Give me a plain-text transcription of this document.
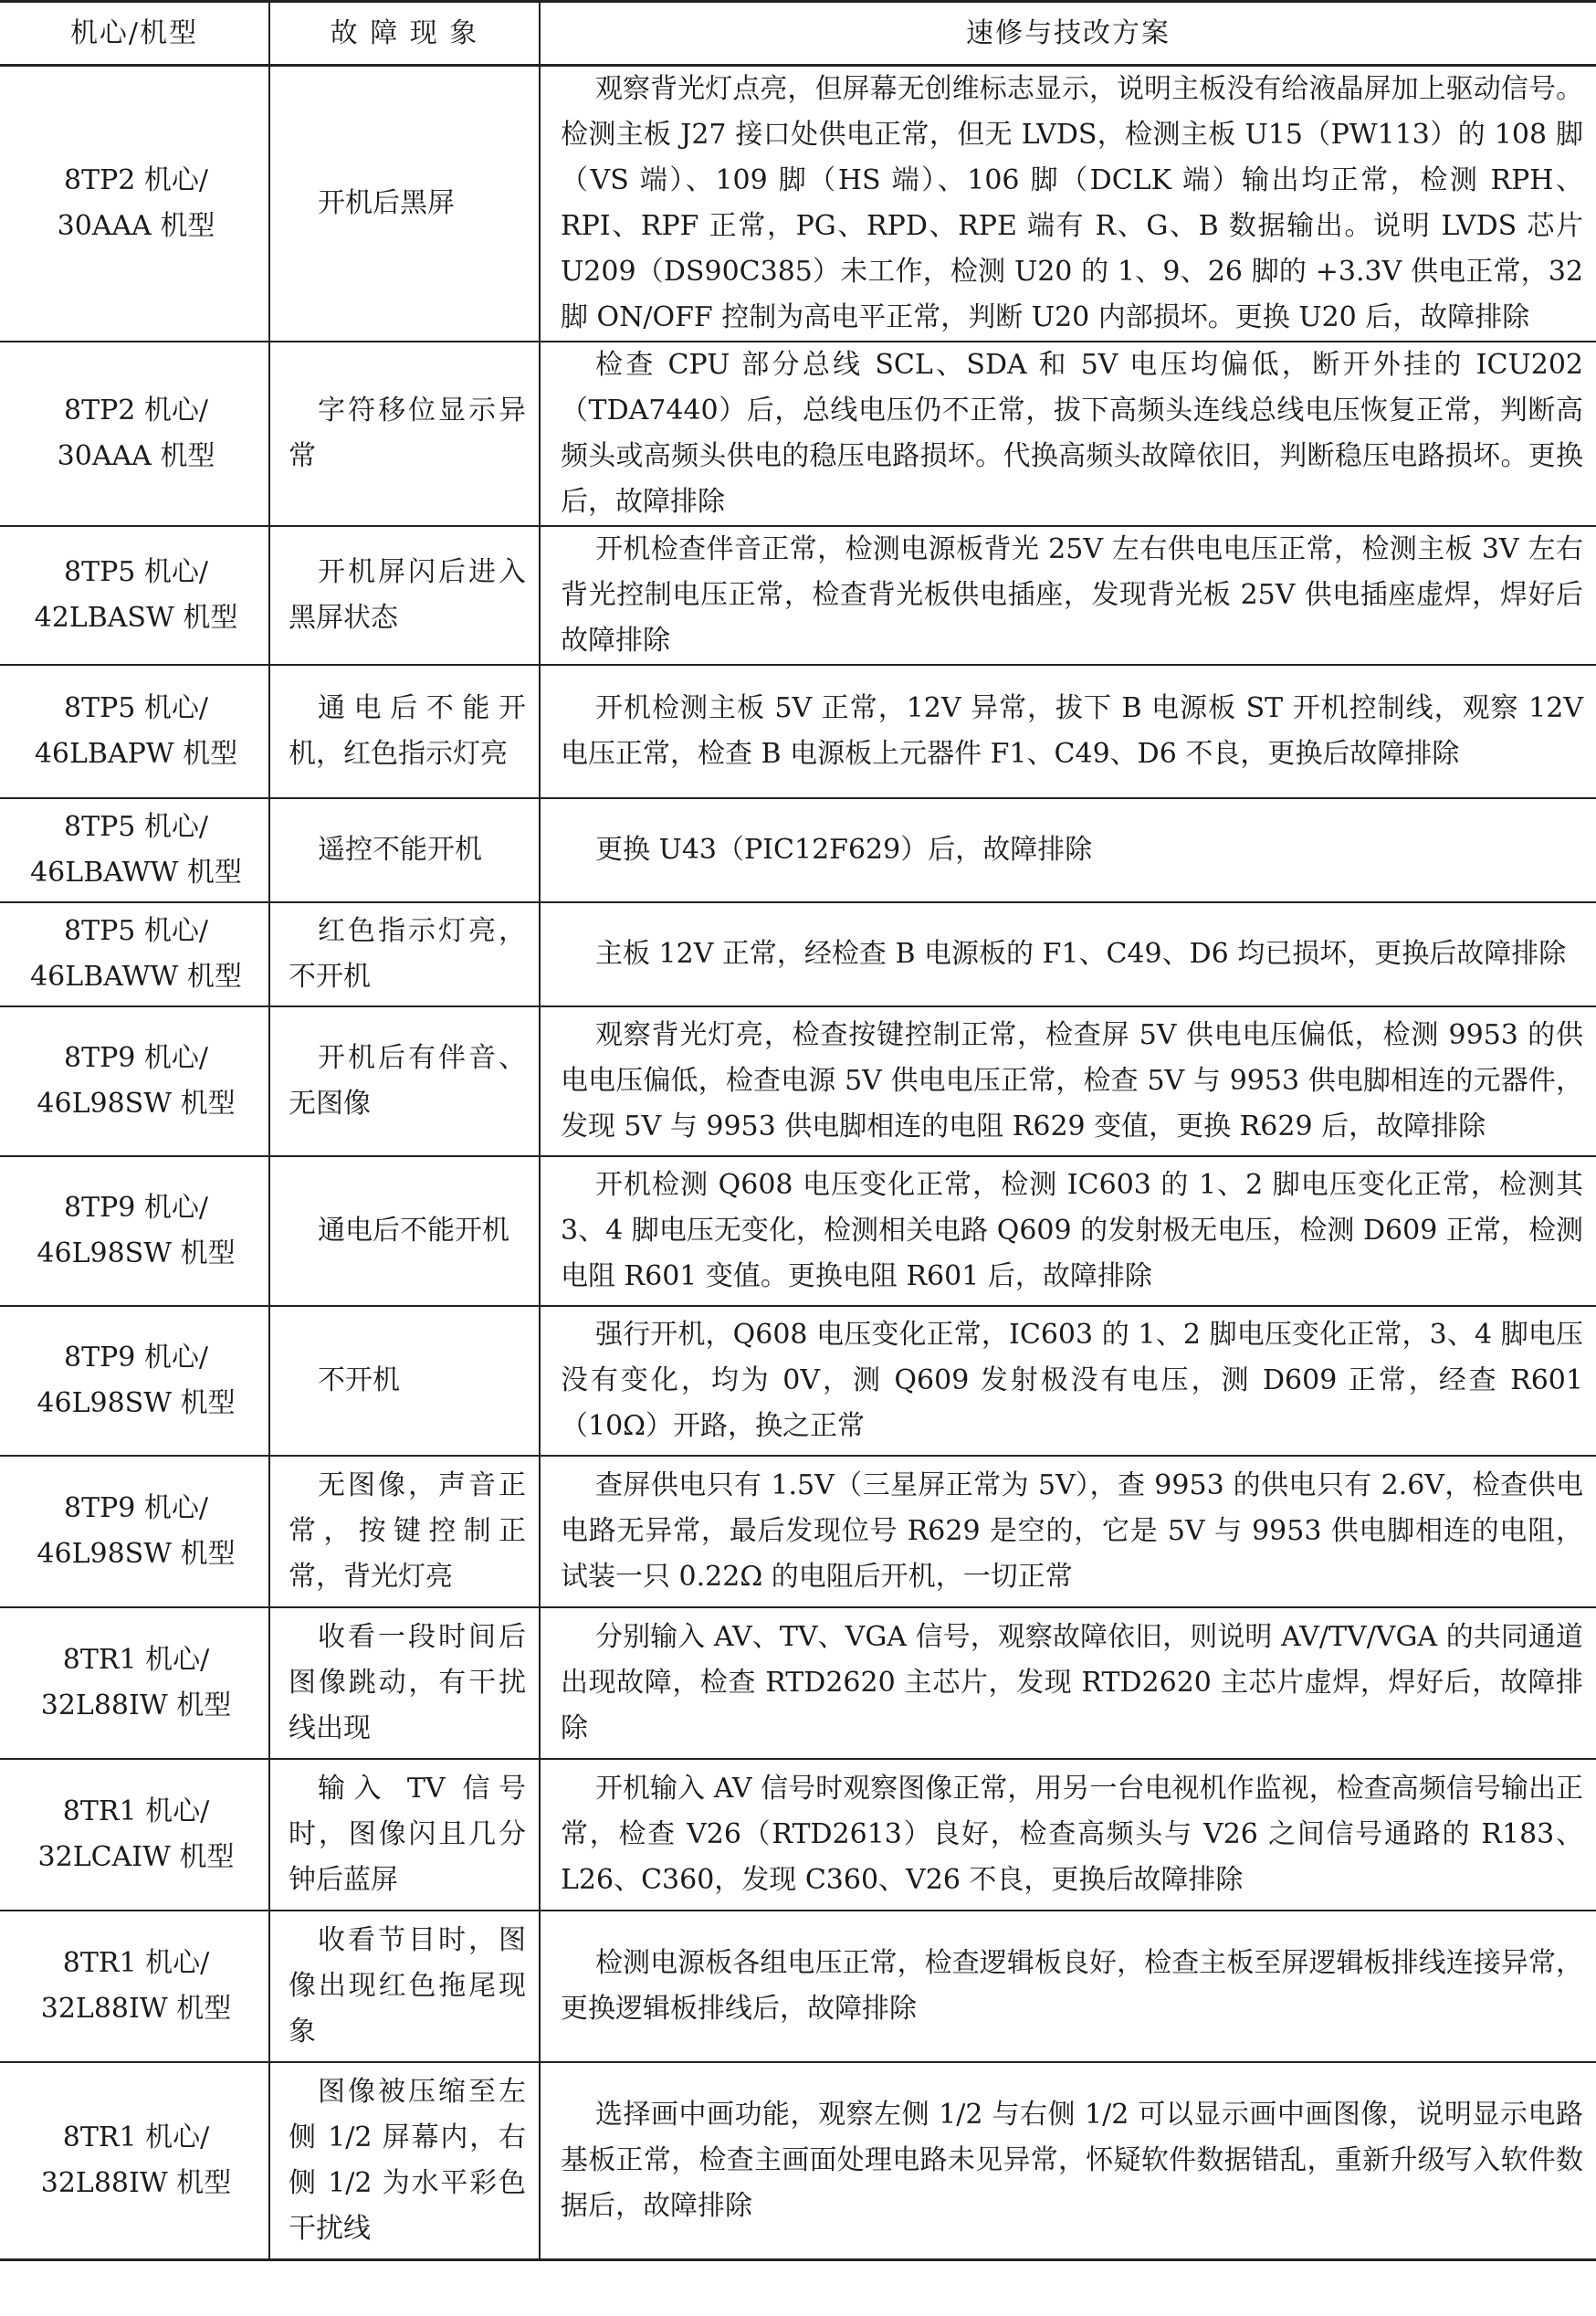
机心/机型	故 障 现 象	速修与技改方案

8TP2 机心/
30AAA 机型	开机后黑屏	观察背光灯点亮，但屏幕无创维标志显示，说明主板没有给液晶屏加上驱动信号。检测主板 J27 接口处供电正常，但无 LVDS，检测主板 U15（PW113）的 108 脚（VS 端）、109 脚（HS 端）、106 脚（DCLK 端）输出均正常，检测 RPH、RPI、RPF 正常，PG、RPD、RPE 端有 R、G、B 数据输出。说明 LVDS 芯片 U209（DS90C385）未工作，检测 U20 的 1、9、26 脚的 +3.3V 供电正常，32 脚 ON/OFF 控制为高电平正常，判断 U20 内部损坏。更换 U20 后，故障排除

8TP2 机心/
30AAA 机型	字符移位显示异常	检查 CPU 部分总线 SCL、SDA 和 5V 电压均偏低，断开外挂的 ICU202（TDA7440）后，总线电压仍不正常，拔下高频头连线总线电压恢复正常，判断高频头或高频头供电的稳压电路损坏。代换高频头故障依旧，判断稳压电路损坏。更换后，故障排除

8TP5 机心/
42LBASW 机型	开机屏闪后进入黑屏状态	开机检查伴音正常，检测电源板背光 25V 左右供电电压正常，检测主板 3V 左右背光控制电压正常，检查背光板供电插座，发现背光板 25V 供电插座虚焊，焊好后故障排除

8TP5 机心/
46LBAPW 机型	通电后不能开机，红色指示灯亮	开机检测主板 5V 正常，12V 异常，拔下 B 电源板 ST 开机控制线，观察 12V 电压正常，检查 B 电源板上元器件 F1、C49、D6 不良，更换后故障排除

8TP5 机心/
46LBAWW 机型	遥控不能开机	更换 U43（PIC12F629）后，故障排除

8TP5 机心/
46LBAWW 机型	红色指示灯亮，不开机	主板 12V 正常，经检查 B 电源板的 F1、C49、D6 均已损坏，更换后故障排除

8TP9 机心/
46L98SW 机型	开机后有伴音、无图像	观察背光灯亮，检查按键控制正常，检查屏 5V 供电电压偏低，检测 9953 的供电电压偏低，检查电源 5V 供电电压正常，检查 5V 与 9953 供电脚相连的元器件，发现 5V 与 9953 供电脚相连的电阻 R629 变值，更换 R629 后，故障排除

8TP9 机心/
46L98SW 机型	通电后不能开机	开机检测 Q608 电压变化正常，检测 IC603 的 1、2 脚电压变化正常，检测其 3、4 脚电压无变化，检测相关电路 Q609 的发射极无电压，检测 D609 正常，检测电阻 R601 变值。更换电阻 R601 后，故障排除

8TP9 机心/
46L98SW 机型	不开机	强行开机，Q608 电压变化正常，IC603 的 1、2 脚电压变化正常，3、4 脚电压没有变化，均为 0V，测 Q609 发射极没有电压，测 D609 正常，经查 R601（10Ω）开路，换之正常

8TP9 机心/
46L98SW 机型	无图像，声音正常，按键控制正常，背光灯亮	查屏供电只有 1.5V（三星屏正常为 5V），查 9953 的供电只有 2.6V，检查供电电路无异常，最后发现位号 R629 是空的，它是 5V 与 9953 供电脚相连的电阻，试装一只 0.22Ω 的电阻后开机，一切正常

8TR1 机心/
32L88IW 机型	收看一段时间后图像跳动，有干扰线出现	分别输入 AV、TV、VGA 信号，观察故障依旧，则说明 AV/TV/VGA 的共同通道出现故障，检查 RTD2620 主芯片，发现 RTD2620 主芯片虚焊，焊好后，故障排除

8TR1 机心/
32LCAIW 机型	输入 TV 信号时，图像闪且几分钟后蓝屏	开机输入 AV 信号时观察图像正常，用另一台电视机作监视，检查高频信号输出正常，检查 V26（RTD2613）良好，检查高频头与 V26 之间信号通路的 R183、L26、C360，发现 C360、V26 不良，更换后故障排除

8TR1 机心/
32L88IW 机型	收看节目时，图像出现红色拖尾现象	检测电源板各组电压正常，检查逻辑板良好，检查主板至屏逻辑板排线连接异常，更换逻辑板排线后，故障排除

8TR1 机心/
32L88IW 机型	图像被压缩至左侧 1/2 屏幕内，右侧 1/2 为水平彩色干扰线	选择画中画功能，观察左侧 1/2 与右侧 1/2 可以显示画中画图像，说明显示电路基板正常，检查主画面处理电路未见异常，怀疑软件数据错乱，重新升级写入软件数据后，故障排除
